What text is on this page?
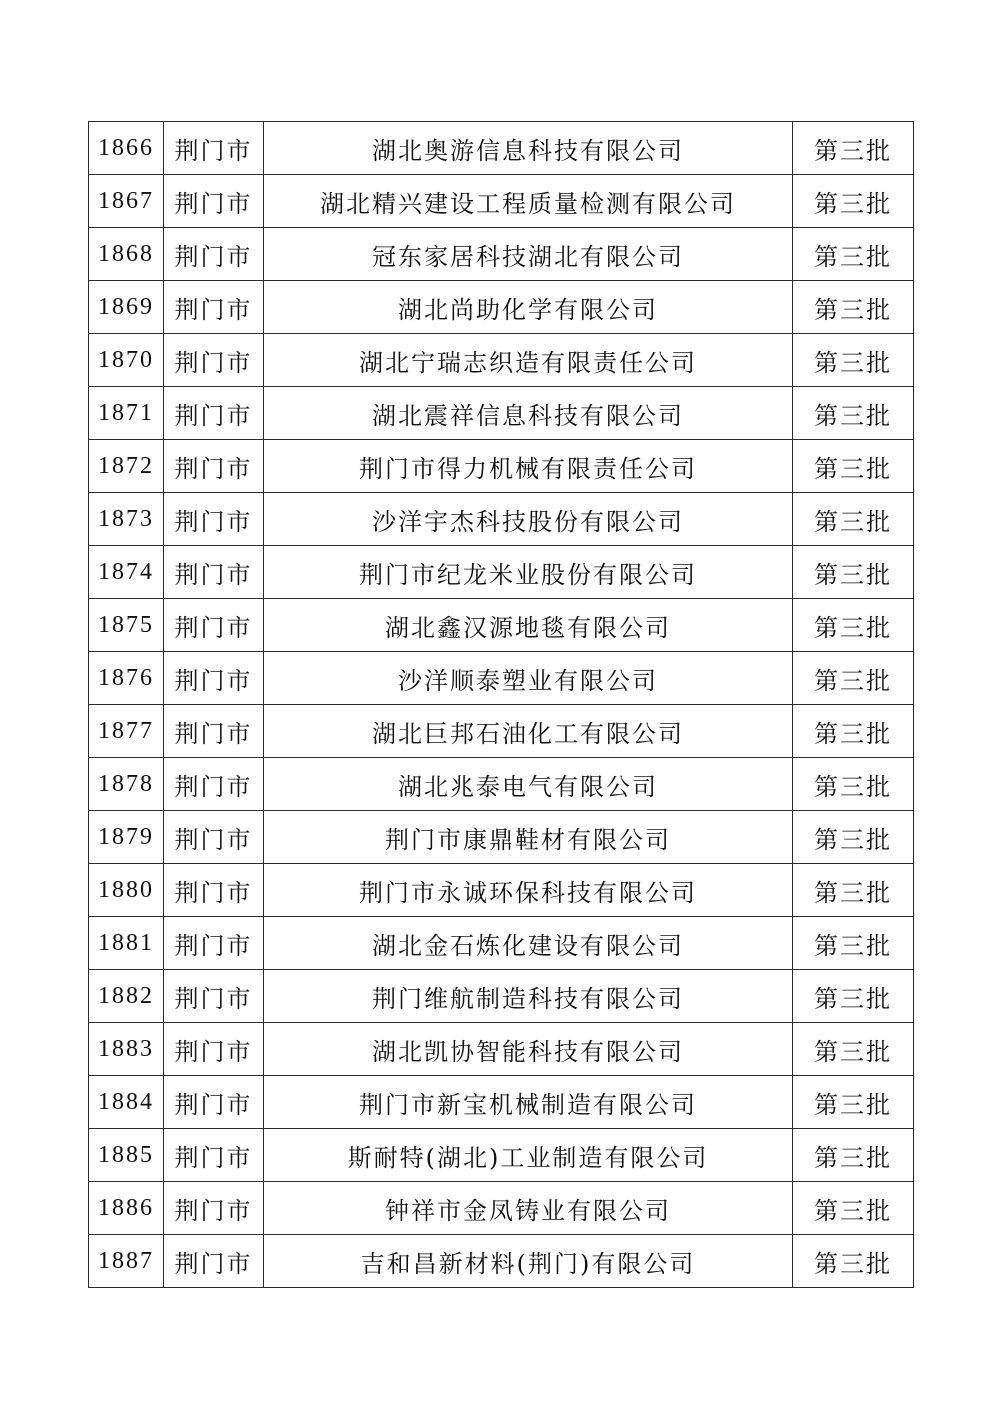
1866	荆门市	湖北奥游信息科技有限公司	第三批
1867	荆门市	湖北精兴建设工程质量检测有限公司	第三批
1868	荆门市	冠东家居科技湖北有限公司	第三批
1869	荆门市	湖北尚助化学有限公司	第三批
1870	荆门市	湖北宁瑞志织造有限责任公司	第三批
1871	荆门市	湖北震祥信息科技有限公司	第三批
1872	荆门市	荆门市得力机械有限责任公司	第三批
1873	荆门市	沙洋宇杰科技股份有限公司	第三批
1874	荆门市	荆门市纪龙米业股份有限公司	第三批
1875	荆门市	湖北鑫汉源地毯有限公司	第三批
1876	荆门市	沙洋顺泰塑业有限公司	第三批
1877	荆门市	湖北巨邦石油化工有限公司	第三批
1878	荆门市	湖北兆泰电气有限公司	第三批
1879	荆门市	荆门市康鼎鞋材有限公司	第三批
1880	荆门市	荆门市永诚环保科技有限公司	第三批
1881	荆门市	湖北金石炼化建设有限公司	第三批
1882	荆门市	荆门维航制造科技有限公司	第三批
1883	荆门市	湖北凯协智能科技有限公司	第三批
1884	荆门市	荆门市新宝机械制造有限公司	第三批
1885	荆门市	斯耐特(湖北)工业制造有限公司	第三批
1886	荆门市	钟祥市金凤铸业有限公司	第三批
1887	荆门市	吉和昌新材料(荆门)有限公司	第三批
